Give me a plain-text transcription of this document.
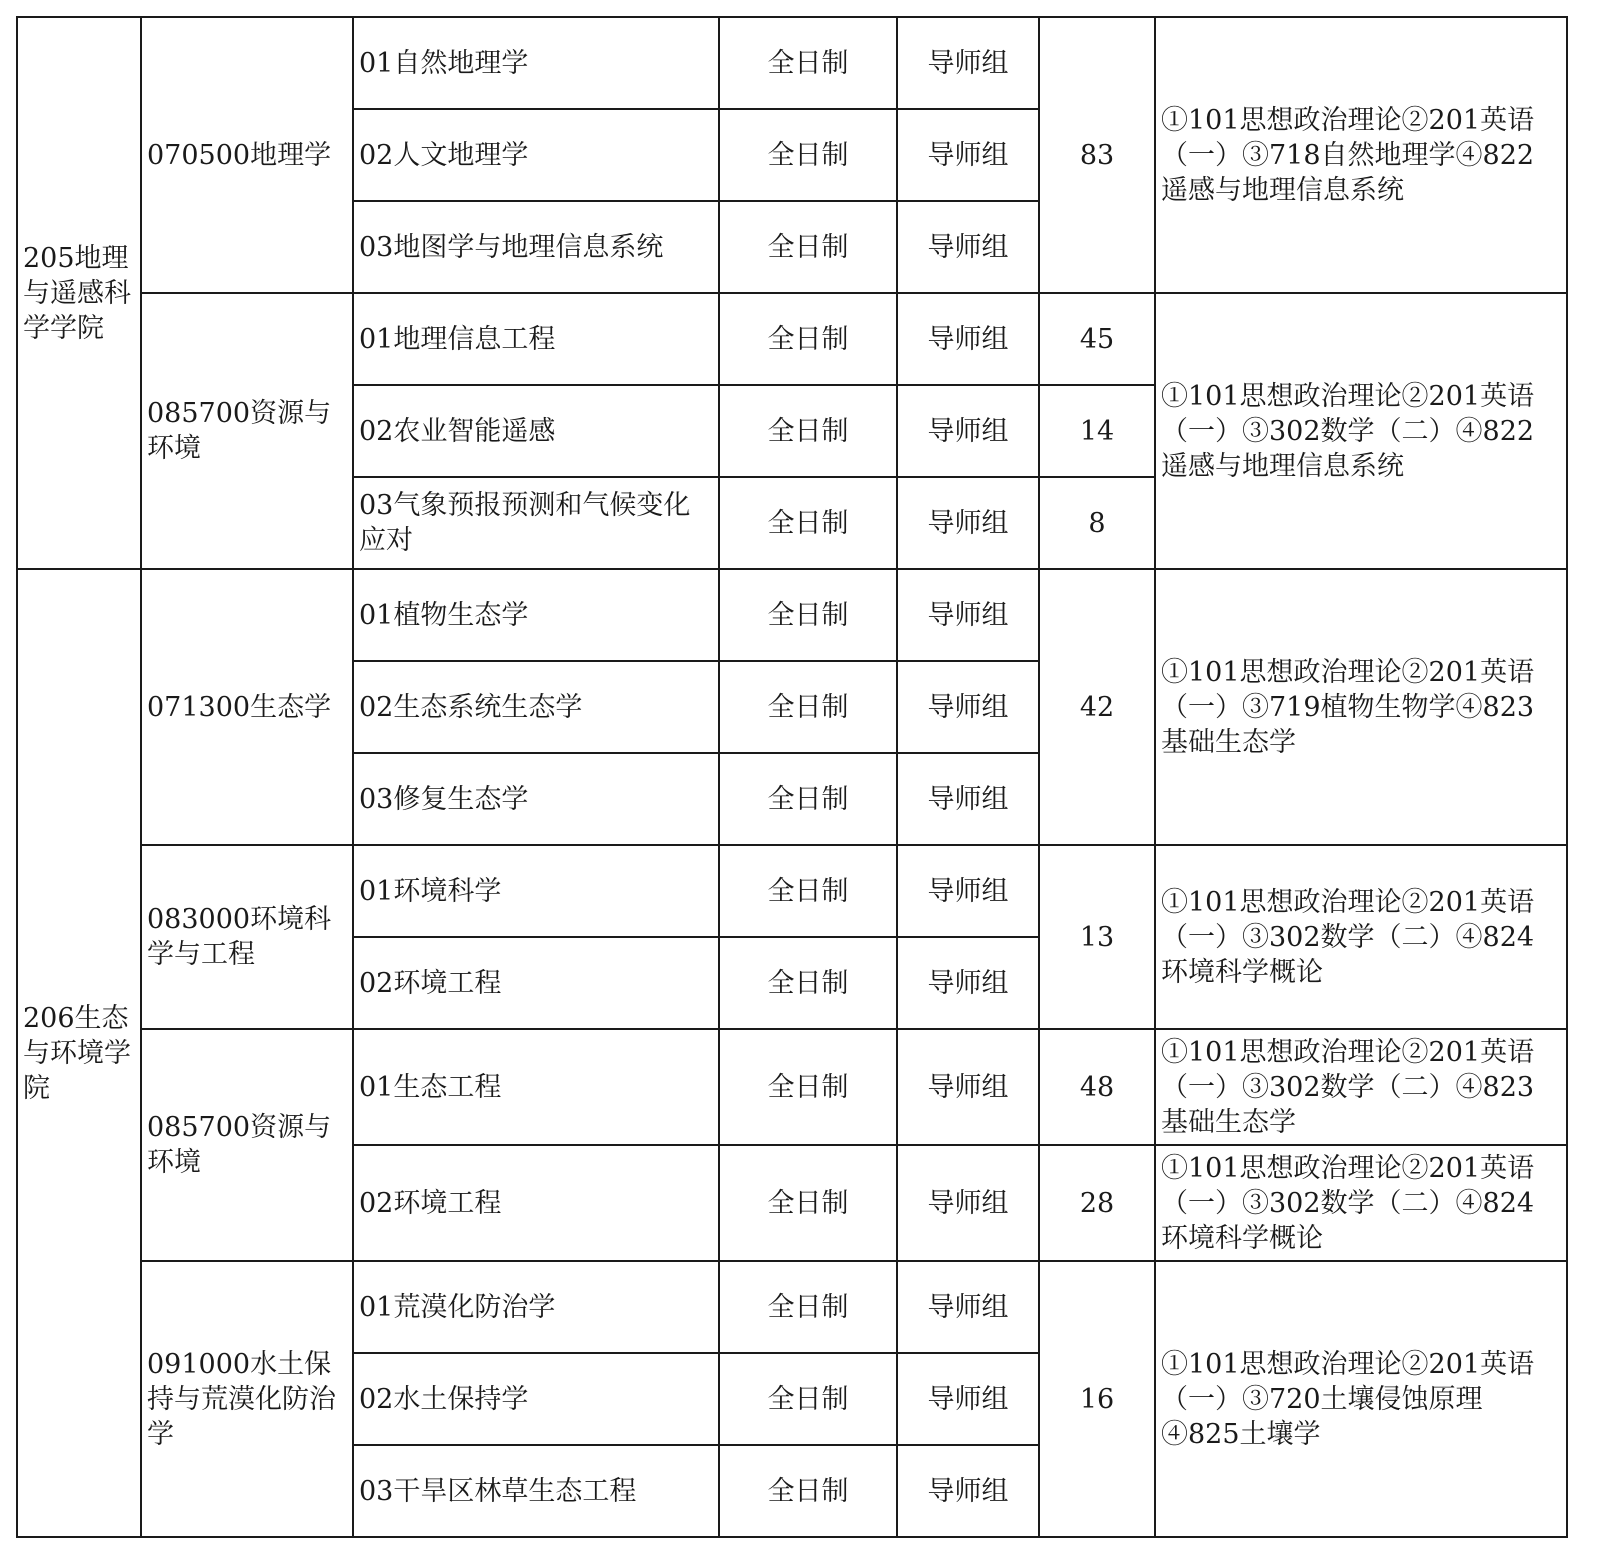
205地理与遥感科学学院	070500地理学	01自然地理学	全日制	导师组	83	①101思想政治理论②201英语（一）③718自然地理学④822遥感与地理信息系统
		02人文地理学	全日制	导师组		
		03地图学与地理信息系统	全日制	导师组		
	085700资源与环境	01地理信息工程	全日制	导师组	45	①101思想政治理论②201英语（一）③302数学（二）④822遥感与地理信息系统
		02农业智能遥感	全日制	导师组	14	
		03气象预报预测和气候变化应对	全日制	导师组	8	
206生态与环境学院	071300生态学	01植物生态学	全日制	导师组	42	①101思想政治理论②201英语（一）③719植物生物学④823基础生态学
		02生态系统生态学	全日制	导师组		
		03修复生态学	全日制	导师组		
	083000环境科学与工程	01环境科学	全日制	导师组	13	①101思想政治理论②201英语（一）③302数学（二）④824环境科学概论
		02环境工程	全日制	导师组		
	085700资源与环境	01生态工程	全日制	导师组	48	①101思想政治理论②201英语（一）③302数学（二）④823基础生态学
		02环境工程	全日制	导师组	28	①101思想政治理论②201英语（一）③302数学（二）④824环境科学概论
	091000水土保持与荒漠化防治学	01荒漠化防治学	全日制	导师组	16	①101思想政治理论②201英语（一）③720土壤侵蚀原理④825土壤学
		02水土保持学	全日制	导师组		
		03干旱区林草生态工程	全日制	导师组		
